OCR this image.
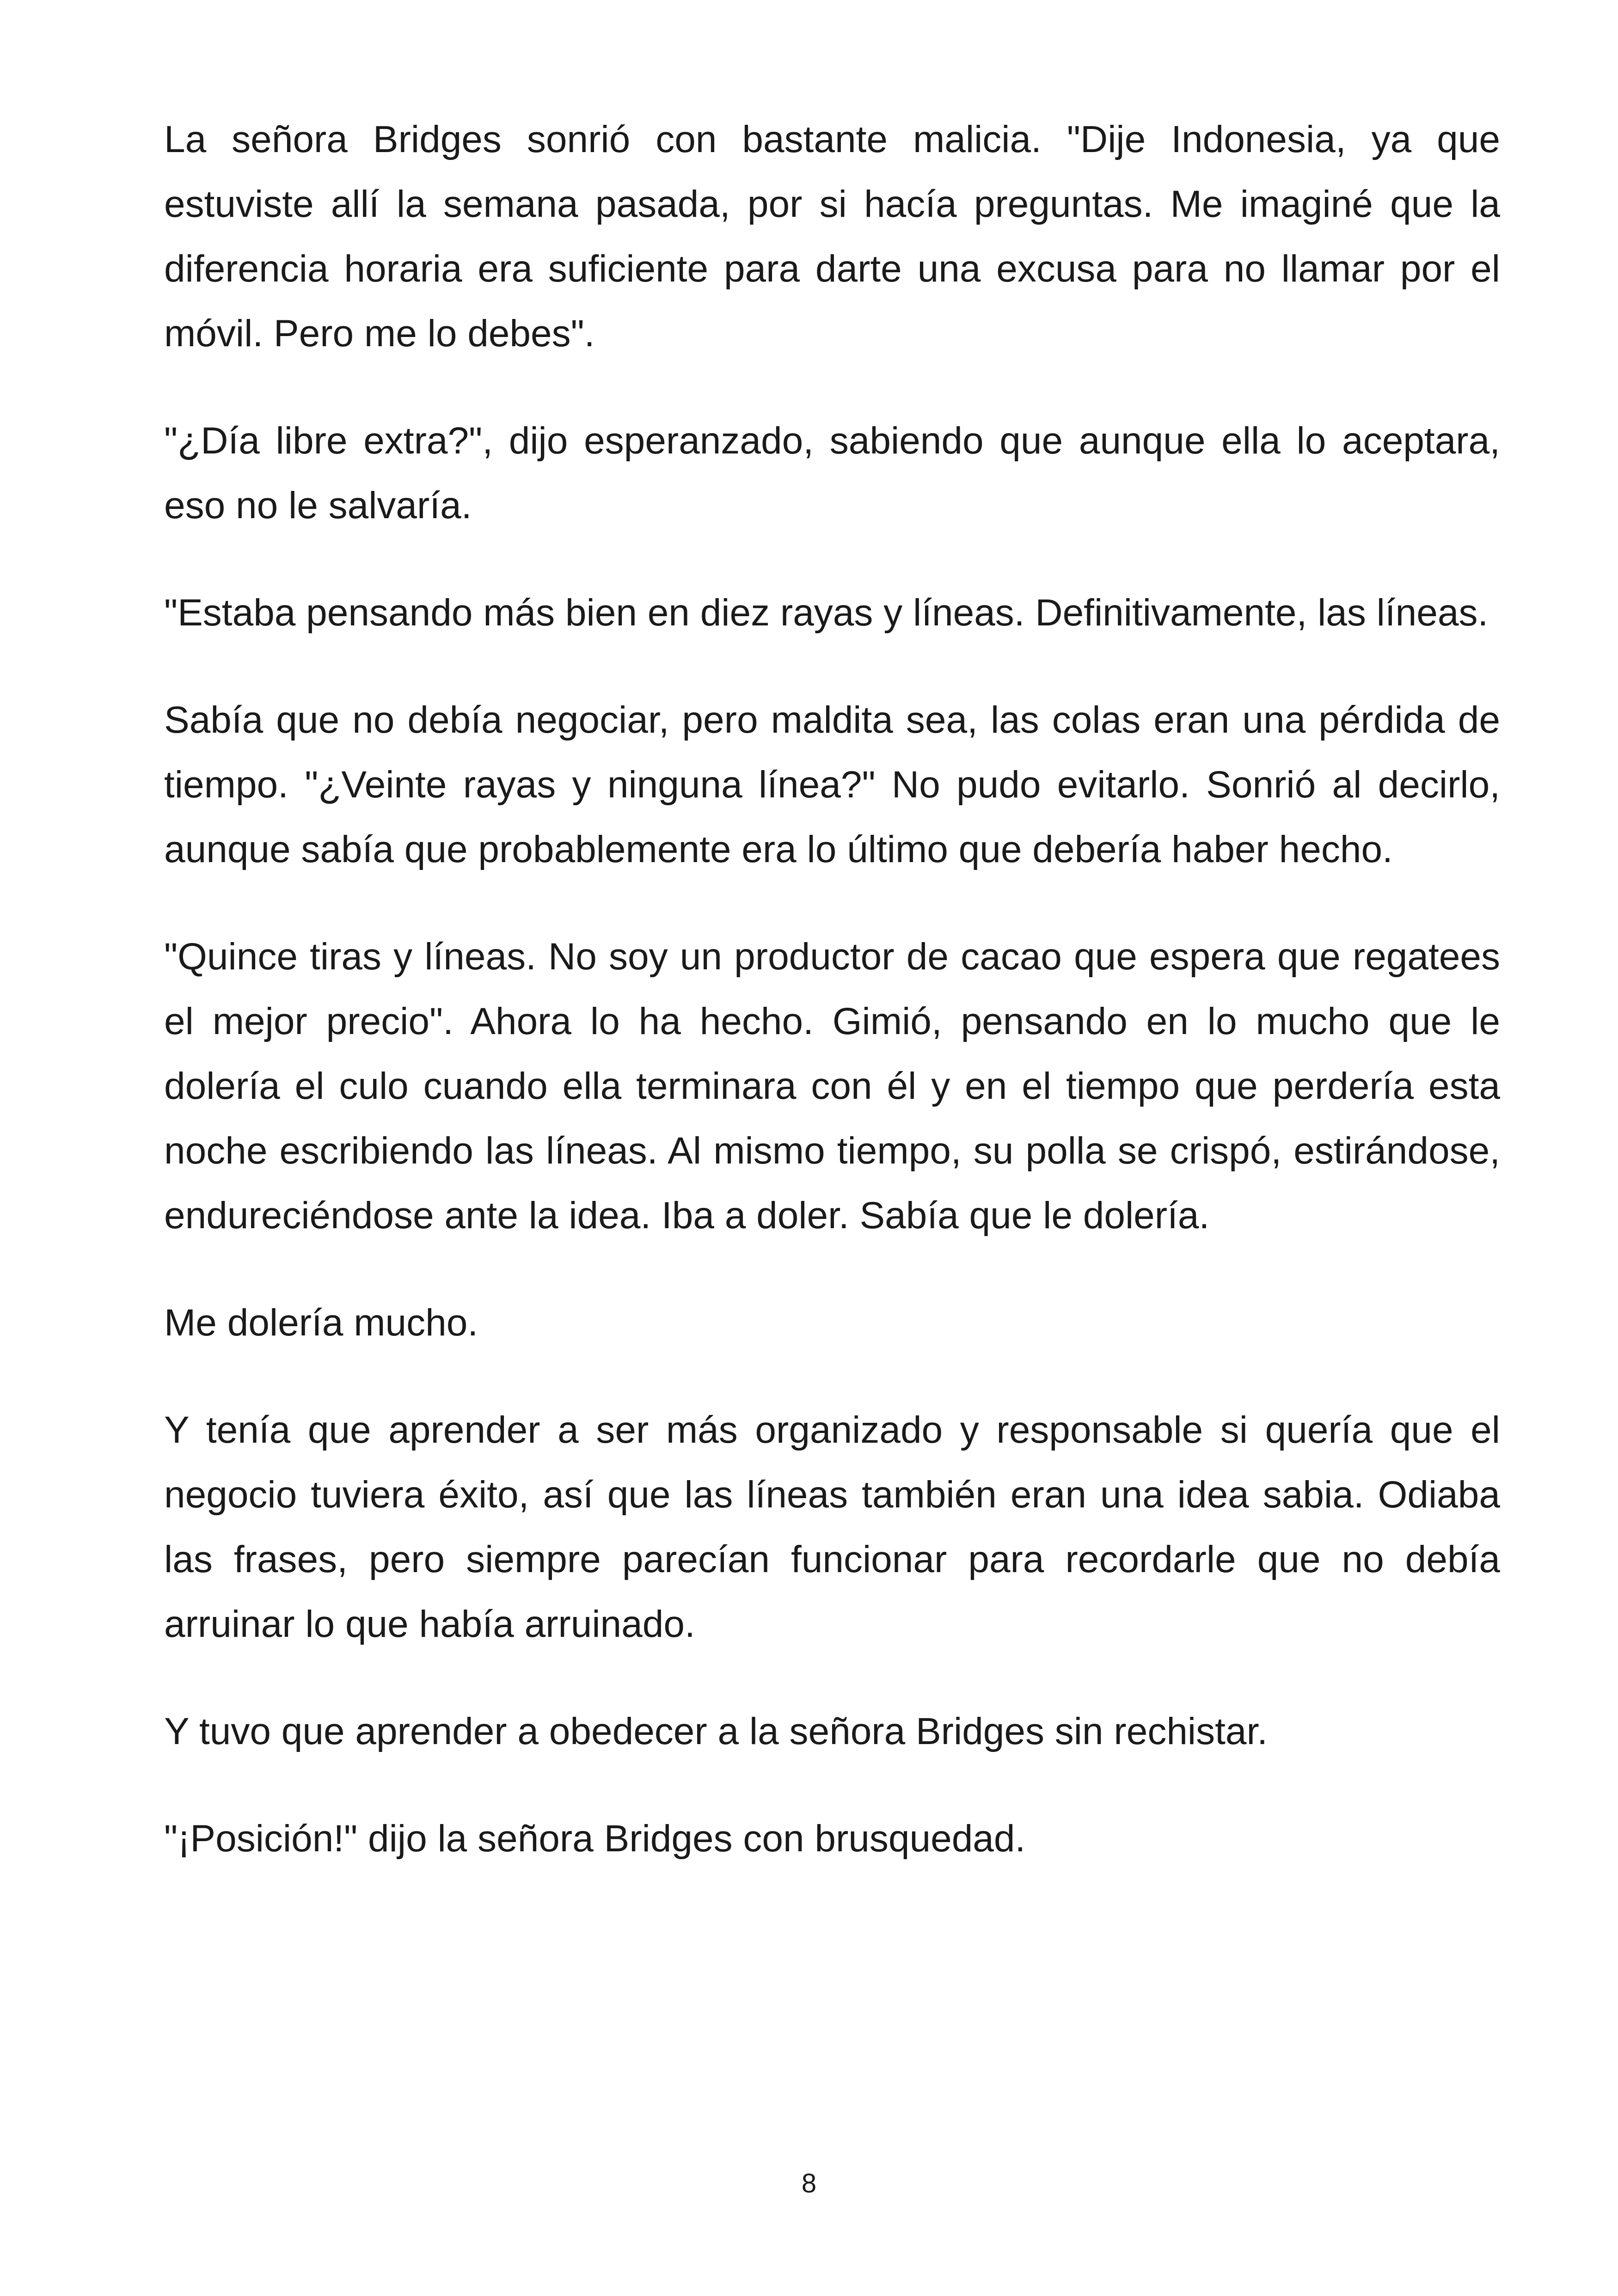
La señora Bridges sonrió con bastante malicia. "Dije Indonesia, ya que estuviste allí la semana pasada, por si hacía preguntas. Me imaginé que la diferencia horaria era suficiente para darte una excusa para no llamar por el móvil. Pero me lo debes".

"¿Día libre extra?", dijo esperanzado, sabiendo que aunque ella lo aceptara, eso no le salvaría.

"Estaba pensando más bien en diez rayas y líneas. Definitivamente, las líneas.

Sabía que no debía negociar, pero maldita sea, las colas eran una pérdida de tiempo. "¿Veinte rayas y ninguna línea?" No pudo evitarlo. Sonrió al decirlo, aunque sabía que probablemente era lo último que debería haber hecho.

"Quince tiras y líneas. No soy un productor de cacao que espera que regatees el mejor precio". Ahora lo ha hecho. Gimió, pensando en lo mucho que le dolería el culo cuando ella terminara con él y en el tiempo que perdería esta noche escribiendo las líneas. Al mismo tiempo, su polla se crispó, estirándose, endureciéndose ante la idea. Iba a doler. Sabía que le dolería.

Me dolería mucho.

Y tenía que aprender a ser más organizado y responsable si quería que el negocio tuviera éxito, así que las líneas también eran una idea sabia. Odiaba las frases, pero siempre parecían funcionar para recordarle que no debía arruinar lo que había arruinado.

Y tuvo que aprender a obedecer a la señora Bridges sin rechistar.

"¡Posición!" dijo la señora Bridges con brusquedad.

8
